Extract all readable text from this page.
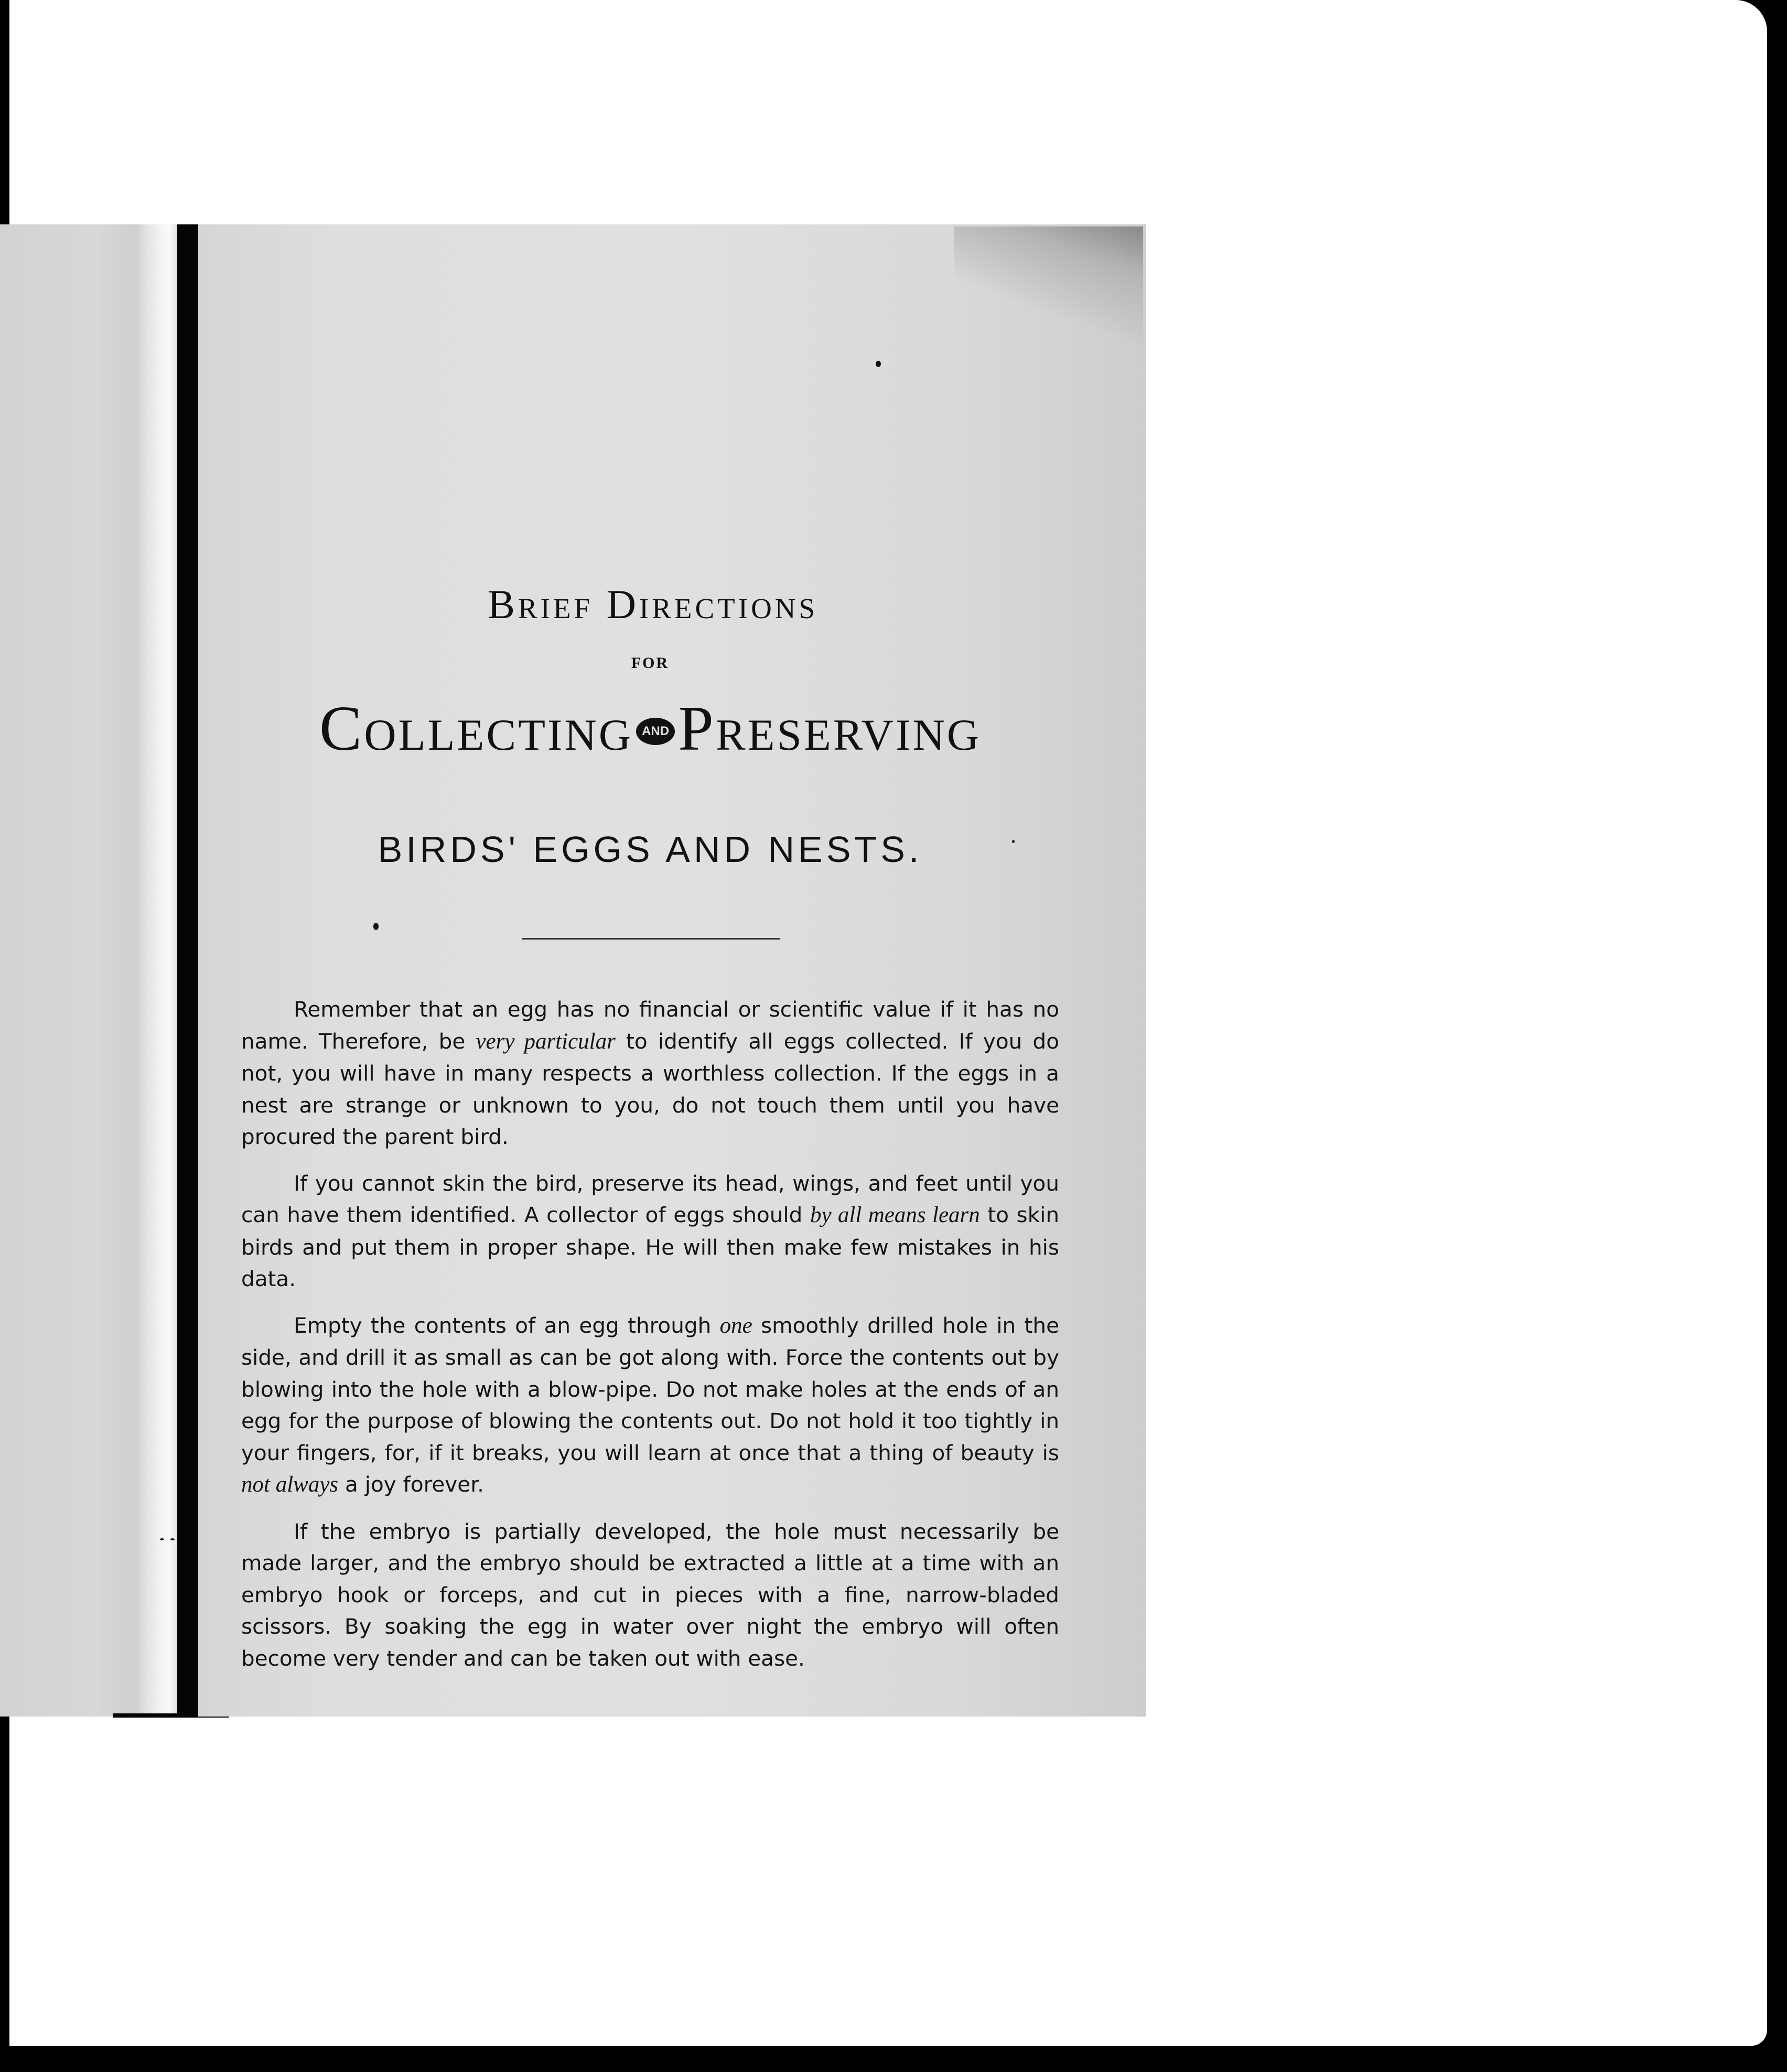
Brief Directions
FOR
Collecting AND Preserving
BIRDS' EGGS AND NESTS.

Remember that an egg has no financial or scientific value if it has no name. Therefore, be very particular to identify all eggs collected. If you do not, you will have in many respects a worthless collection. If the eggs in a nest are strange or unknown to you, do not touch them until you have procured the parent bird.

If you cannot skin the bird, preserve its head, wings, and feet until you can have them identified. A collector of eggs should by all means learn to skin birds and put them in proper shape. He will then make few mistakes in his data.

Empty the contents of an egg through one smoothly drilled hole in the side, and drill it as small as can be got along with. Force the contents out by blowing into the hole with a blow-pipe. Do not make holes at the ends of an egg for the purpose of blowing the contents out. Do not hold it too tightly in your fingers, for, if it breaks, you will learn at once that a thing of beauty is not always a joy forever.

If the embryo is partially developed, the hole must necessarily be made larger, and the embryo should be extracted a little at a time with an embryo hook or forceps, and cut in pieces with a fine, narrow-bladed scissors. By soaking the egg in water over night the embryo will often become very tender and can be taken out with ease.
